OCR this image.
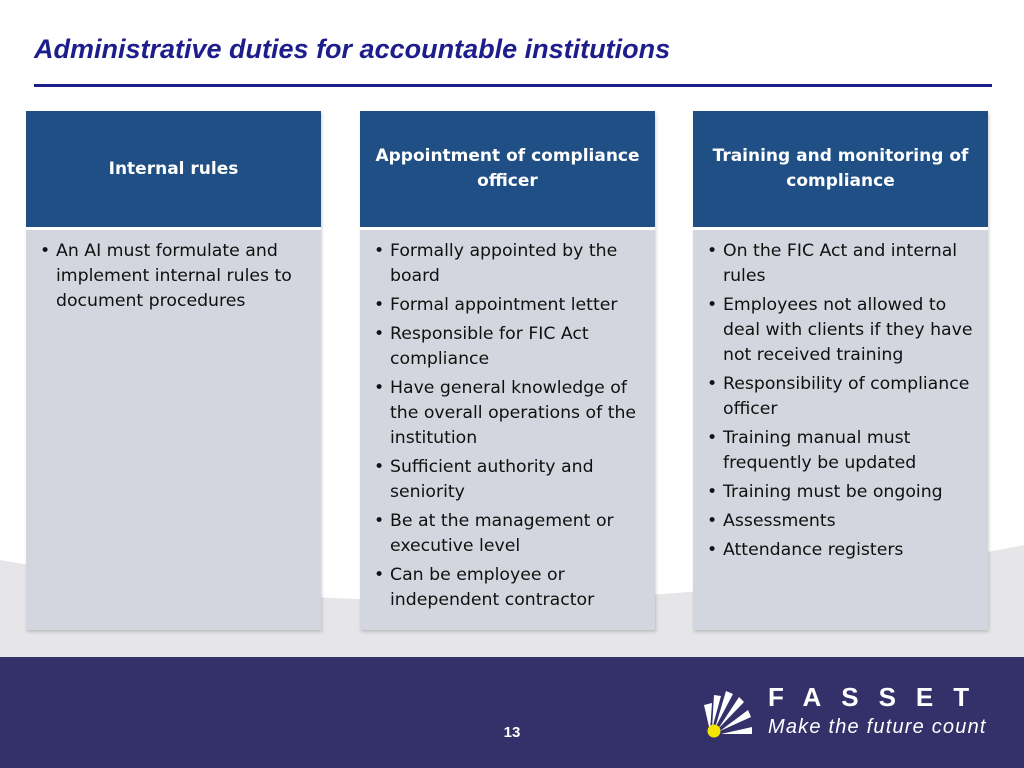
Administrative duties for accountable institutions
Internal rules
• An AI must formulate and implement internal rules to document procedures
Appointment of compliance officer
• Formally appointed by the board
• Formal appointment letter
• Responsible for FIC Act compliance
• Have general knowledge of the overall operations of the institution
• Sufficient authority and seniority
• Be at the management or executive level
• Can be employee or independent contractor
Training and monitoring of compliance
• On the FIC Act and internal rules
• Employees not allowed to deal with clients if they have not received training
• Responsibility of compliance officer
• Training manual must frequently be updated
• Training must be ongoing
• Assessments
• Attendance registers
13
FASSET
Make the future count
